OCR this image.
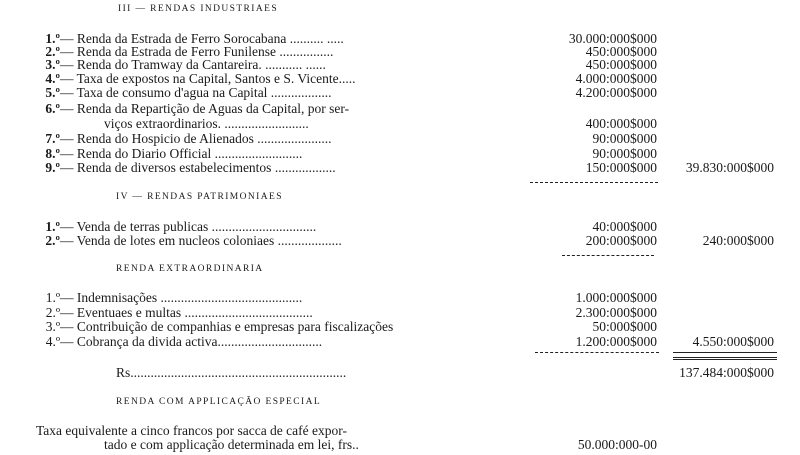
III — RENDAS INDUSTRIAES
1.º — Renda da Estrada de Ferro Sorocabana .......... .....	30.000:000$000
2.º — Renda da Estrada de Ferro Funilense ................	450:000$000
3.º — Renda do Tramway da Cantareira. ........... ......	450:000$000
4.º — Taxa de expostos na Capital, Santos e S. Vicente.....	4.000:000$000
5.º — Taxa de consumo d'agua na Capital ..................	4.200:000$000
6.º — Renda da Repartição de Aguas da Capital, por ser-
viços extraordinarios. .........................	400:000$000
7.º — Renda do Hospicio de Alienados ......................	90:000$000
8.º — Renda do Diario Official ..........................	90:000$000
9.º — Renda de diversos estabelecimentos ..................	150:000$000 39.830:000$000
IV — RENDAS PATRIMONIAES
1.º — Venda de terras publicas ...............................	40:000$000
2.º — Venda de lotes em nucleos coloniaes ...................	200:000$000	240:000$000
RENDA EXTRAORDINARIA
1.º — Indemnisações ..........................................	1.000:000$000
2.º — Eventuaes e multas ......................................	2.300:000$000
3.º — Contribuição de companhias e empresas para fiscalizações	50:000$000
4.º — Cobrança da divida activa...............................	1.200:000$000	4.550:000$000
Rs................................................................	137.484:000$000
RENDA COM APPLICAÇÃO ESPECIAL
Taxa equivalente a cinco francos por sacca de café expor-
tado e com applicação determinada em lei, frs..	50.000:000-00
